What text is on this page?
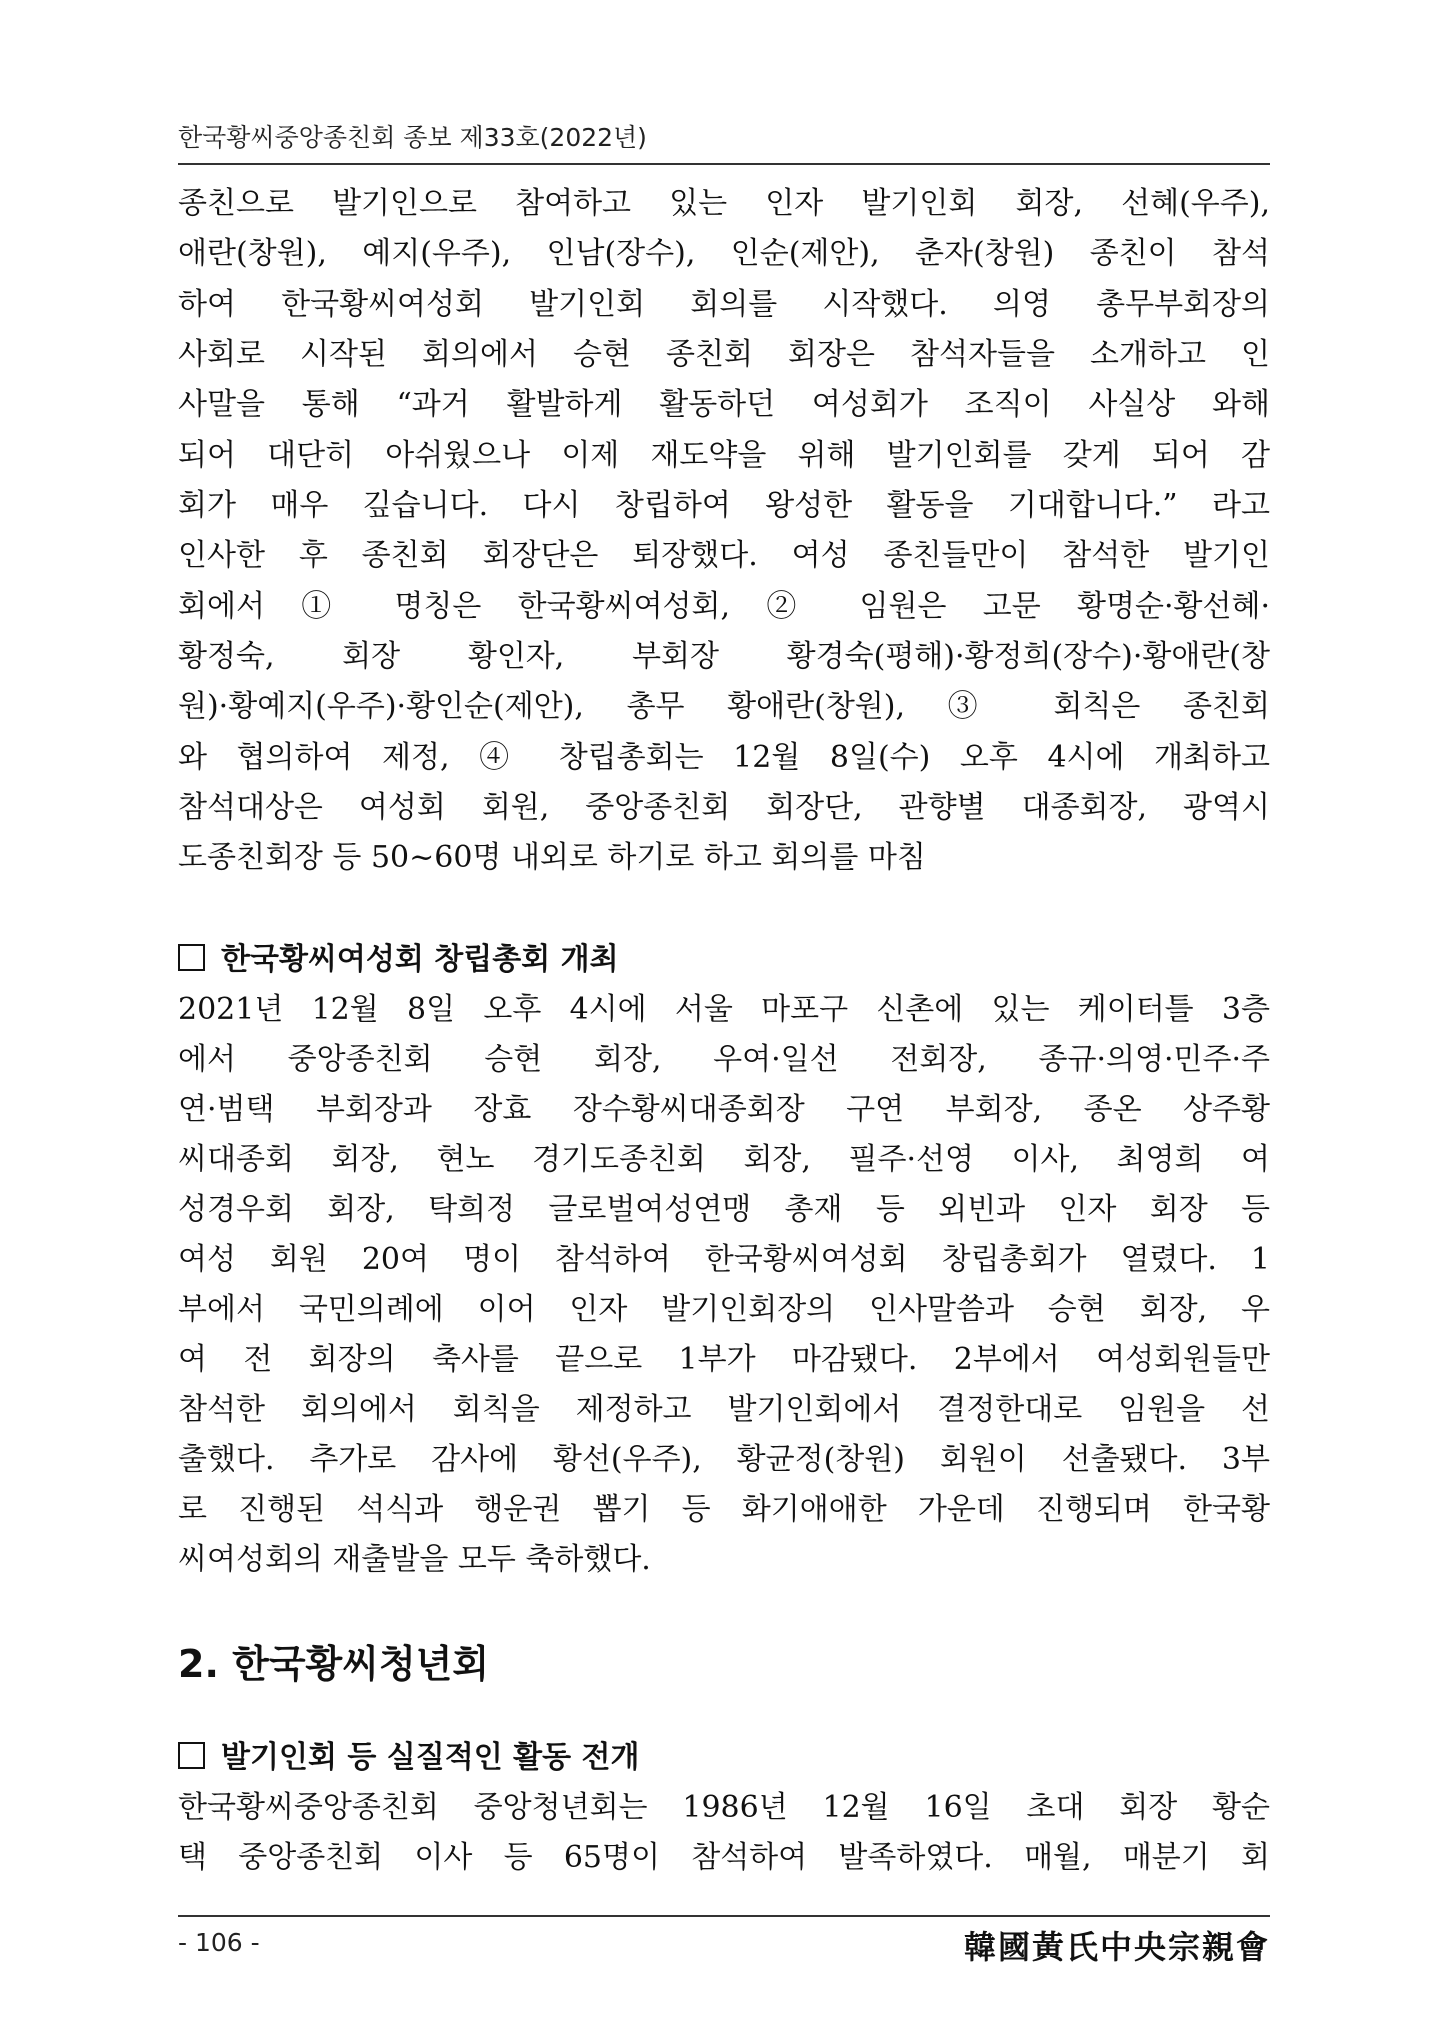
한국황씨중앙종친회 종보 제33호(2022년)
종친으로 발기인으로 참여하고 있는 인자 발기인회 회장, 선혜(우주),
애란(창원), 예지(우주), 인남(장수), 인순(제안), 춘자(창원) 종친이 참석
하여 한국황씨여성회 발기인회 회의를 시작했다. 의영 총무부회장의
사회로 시작된 회의에서 승현 종친회 회장은 참석자들을 소개하고 인
사말을 통해 “과거 활발하게 활동하던 여성회가 조직이 사실상 와해
되어 대단히 아쉬웠으나 이제 재도약을 위해 발기인회를 갖게 되어 감
회가 매우 깊습니다. 다시 창립하여 왕성한 활동을 기대합니다.” 라고
인사한 후 종친회 회장단은 퇴장했다. 여성 종친들만이 참석한 발기인
회에서 ① 명칭은 한국황씨여성회, ② 임원은 고문 황명순·황선혜·
황정숙, 회장 황인자, 부회장 황경숙(평해)·황정희(장수)·황애란(창
원)·황예지(우주)·황인순(제안), 총무 황애란(창원), ③ 회칙은 종친회
와 협의하여 제정, ④ 창립총회는 12월 8일(수) 오후 4시에 개최하고
참석대상은 여성회 회원, 중앙종친회 회장단, 관향별 대종회장, 광역시
도종친회장 등 50~60명 내외로 하기로 하고 회의를 마침
한국황씨여성회 창립총회 개최
2021년 12월 8일 오후 4시에 서울 마포구 신촌에 있는 케이터틀 3층
에서 중앙종친회 승현 회장, 우여·일선 전회장, 종규·의영·민주·주
연·범택 부회장과 장효 장수황씨대종회장 구연 부회장, 종온 상주황
씨대종회 회장, 현노 경기도종친회 회장, 필주·선영 이사, 최영희 여
성경우회 회장, 탁희정 글로벌여성연맹 총재 등 외빈과 인자 회장 등
여성 회원 20여 명이 참석하여 한국황씨여성회 창립총회가 열렸다. 1
부에서 국민의례에 이어 인자 발기인회장의 인사말씀과 승현 회장, 우
여 전 회장의 축사를 끝으로 1부가 마감됐다. 2부에서 여성회원들만
참석한 회의에서 회칙을 제정하고 발기인회에서 결정한대로 임원을 선
출했다. 추가로 감사에 황선(우주), 황균정(창원) 회원이 선출됐다. 3부
로 진행된 석식과 행운권 뽑기 등 화기애애한 가운데 진행되며 한국황
씨여성회의 재출발을 모두 축하했다.
2. 한국황씨청년회
발기인회 등 실질적인 활동 전개
한국황씨중앙종친회 중앙청년회는 1986년 12월 16일 초대 회장 황순
택 중앙종친회 이사 등 65명이 참석하여 발족하였다. 매월, 매분기 회
- 106 -	韓國黃氏中央宗親會
